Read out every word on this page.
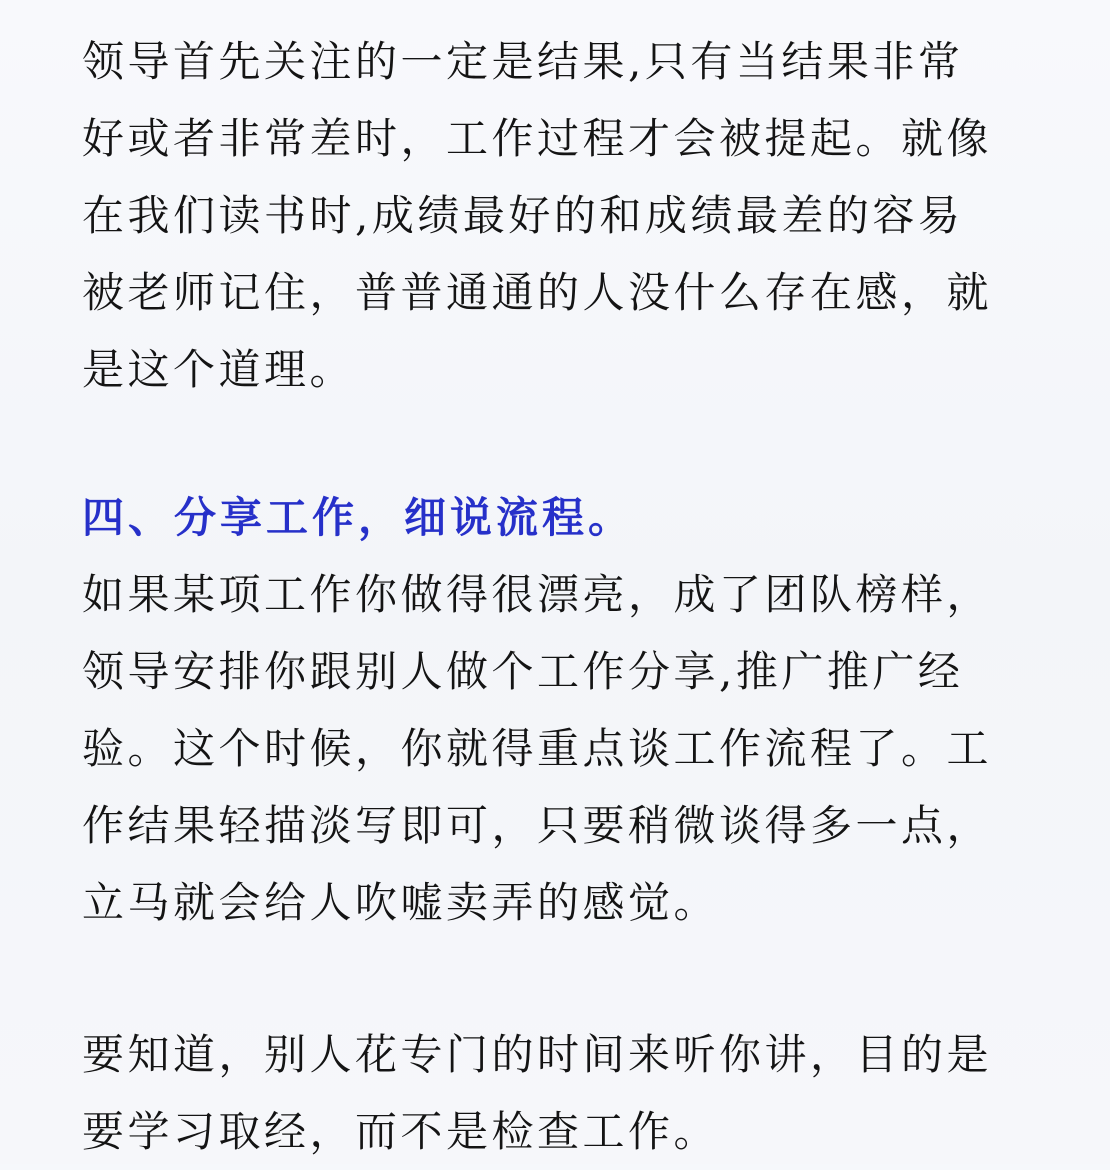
领导首先关注的一定是结果,只有当结果非常
好或者非常差时，工作过程才会被提起。就像
在我们读书时,成绩最好的和成绩最差的容易
被老师记住，普普通通的人没什么存在感，就
是这个道理。
四、分享工作，细说流程。
如果某项工作你做得很漂亮，成了团队榜样，
领导安排你跟别人做个工作分享,推广推广经
验。这个时候，你就得重点谈工作流程了。工
作结果轻描淡写即可，只要稍微谈得多一点，
立马就会给人吹嘘卖弄的感觉。
要知道，别人花专门的时间来听你讲，目的是
要学习取经，而不是检查工作。
